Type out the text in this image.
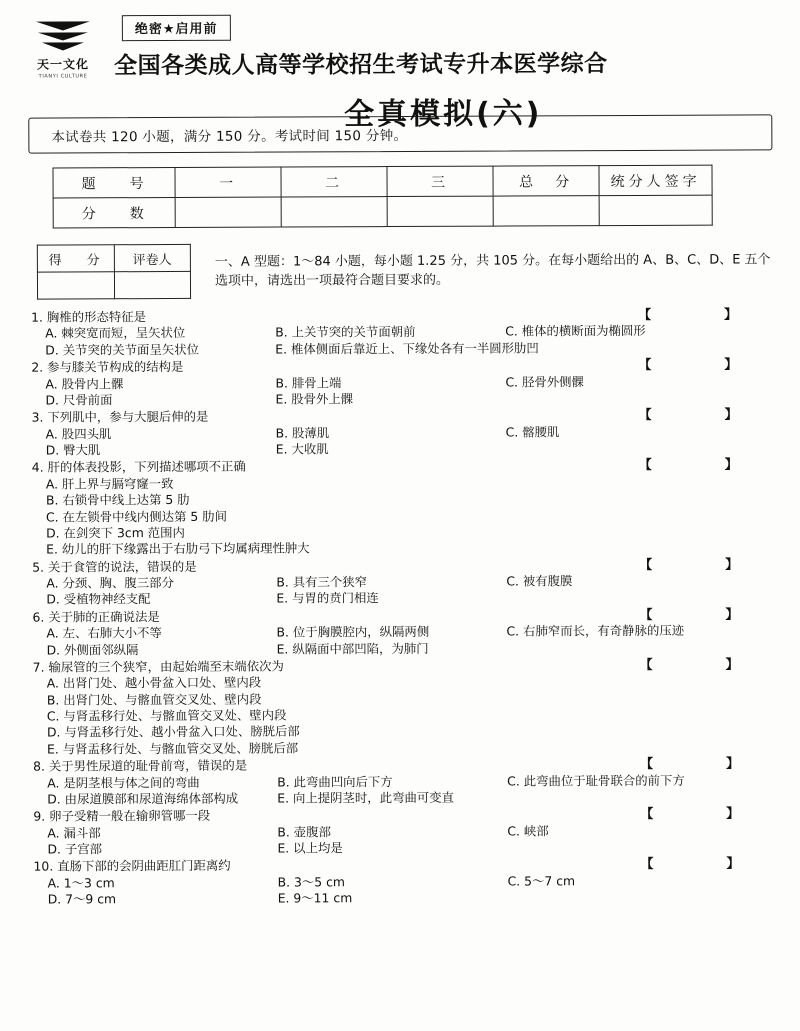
天一文化
TIANYI CULTURE
绝密★启用前
全国各类成人高等学校招生考试专升本医学综合
全真模拟(六)
本试卷共 120 小题，满分 150 分。考试时间 150 分钟。
题　号	一	二	三	总　分	统分人签字
分　数					
得　分	评卷人
		一、A 型题：1～84 小题，每小题 1.25 分，共 105 分。在每小题给出的 A、B、C、D、E 五个选项中，请选出一项最符合题目要求的。
【　】
1. 胸椎的形态特征是
A. 棘突宽而短，呈矢状位	B. 上关节突的关节面朝前	C. 椎体的横断面为椭圆形
D. 关节突的关节面呈矢状位	E. 椎体侧面后靠近上、下缘处各有一半圆形肋凹
【　】
2. 参与膝关节构成的结构是
A. 股骨内上髁	B. 腓骨上端	C. 胫骨外侧髁
D. 尺骨前面	E. 股骨外上髁
【　】
3. 下列肌中，参与大腿后伸的是
A. 股四头肌	B. 股薄肌	C. 髂腰肌
D. 臀大肌	E. 大收肌
【　】
4. 肝的体表投影，下列描述哪项不正确
A. 肝上界与膈穹窿一致
B. 右锁骨中线上达第 5 肋
C. 在左锁骨中线内侧达第 5 肋间
D. 在剑突下 3cm 范围内
E. 幼儿的肝下缘露出于右肋弓下均属病理性肿大
【　】
5. 关于食管的说法，错误的是
A. 分颈、胸、腹三部分	B. 具有三个狭窄	C. 被有腹膜
D. 受植物神经支配	E. 与胃的贲门相连
【　】
6. 关于肺的正确说法是
A. 左、右肺大小不等	B. 位于胸膜腔内，纵隔两侧	C. 右肺窄而长，有奇静脉的压迹
D. 外侧面邻纵隔	E. 纵隔面中部凹陷，为肺门
【　】
7. 输尿管的三个狭窄，由起始端至末端依次为
A. 出肾门处、越小骨盆入口处、壁内段
B. 出肾门处、与髂血管交叉处、壁内段
C. 与肾盂移行处、与髂血管交叉处、壁内段
D. 与肾盂移行处、越小骨盆入口处、膀胱后部
E. 与肾盂移行处、与髂血管交叉处、膀胱后部
【　】
8. 关于男性尿道的耻骨前弯，错误的是
A. 是阴茎根与体之间的弯曲	B. 此弯曲凹向后下方	C. 此弯曲位于耻骨联合的前下方
D. 由尿道膜部和尿道海绵体部构成	E. 向上提阴茎时，此弯曲可变直
【　】
9. 卵子受精一般在输卵管哪一段
A. 漏斗部	B. 壶腹部	C. 峡部
D. 子宫部	E. 以上均是
【　】
10. 直肠下部的会阴曲距肛门距离约
A. 1～3 cm	B. 3～5 cm	C. 5～7 cm
D. 7～9 cm	E. 9～11 cm
